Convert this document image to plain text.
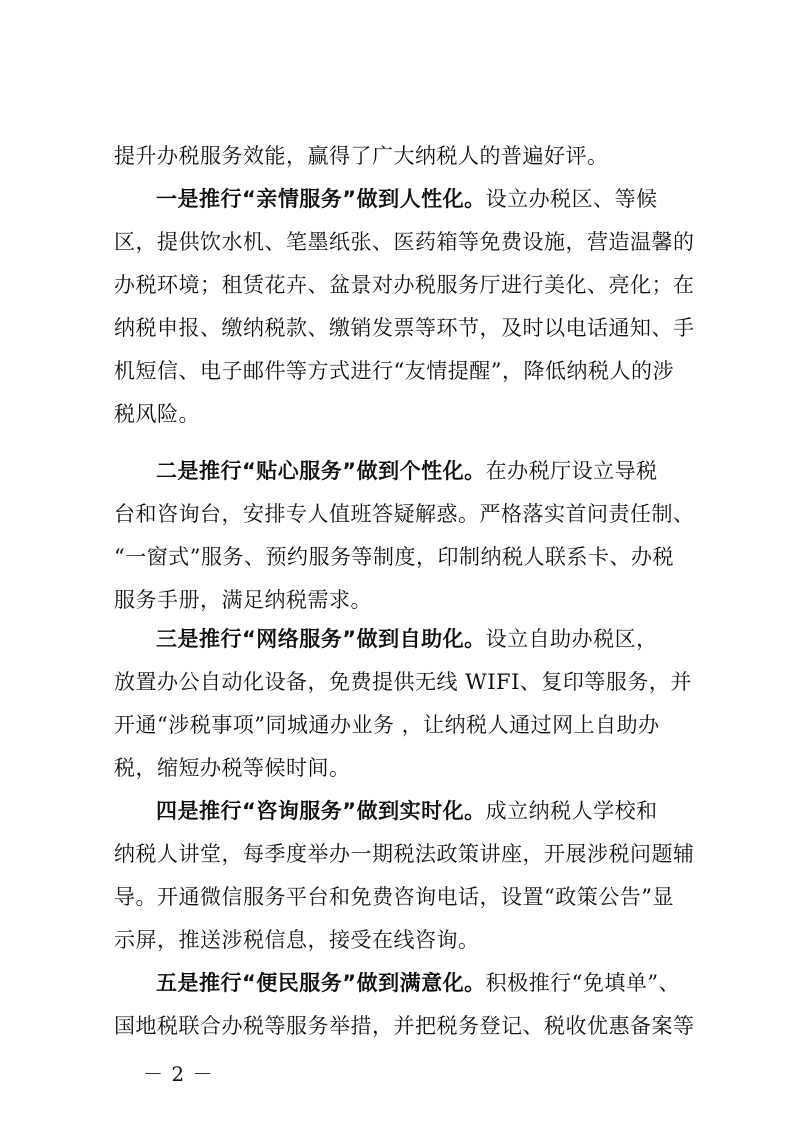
提升办税服务效能，赢得了广大纳税人的普遍好评。
一是推行“亲情服务”做到人性化。设立办税区、等候
区，提供饮水机、笔墨纸张、医药箱等免费设施，营造温馨的
办税环境；租赁花卉、盆景对办税服务厅进行美化、亮化；在
纳税申报、缴纳税款、缴销发票等环节，及时以电话通知、手
机短信、电子邮件等方式进行“友情提醒”，降低纳税人的涉
税风险。
二是推行“贴心服务”做到个性化。在办税厅设立导税
台和咨询台，安排专人值班答疑解惑。严格落实首问责任制、
“一窗式”服务、预约服务等制度，印制纳税人联系卡、办税
服务手册，满足纳税需求。
三是推行“网络服务”做到自助化。设立自助办税区，
放置办公自动化设备，免费提供无线 WIFI、复印等服务，并
开通“涉税事项”同城通办业务 ，让纳税人通过网上自助办
税，缩短办税等候时间。
四是推行“咨询服务”做到实时化。成立纳税人学校和
纳税人讲堂，每季度举办一期税法政策讲座，开展涉税问题辅
导。开通微信服务平台和免费咨询电话，设置“政策公告”显
示屏，推送涉税信息，接受在线咨询。
五是推行“便民服务”做到满意化。积极推行“免填单”、
国地税联合办税等服务举措，并把税务登记、税收优惠备案等
－ 2 －
